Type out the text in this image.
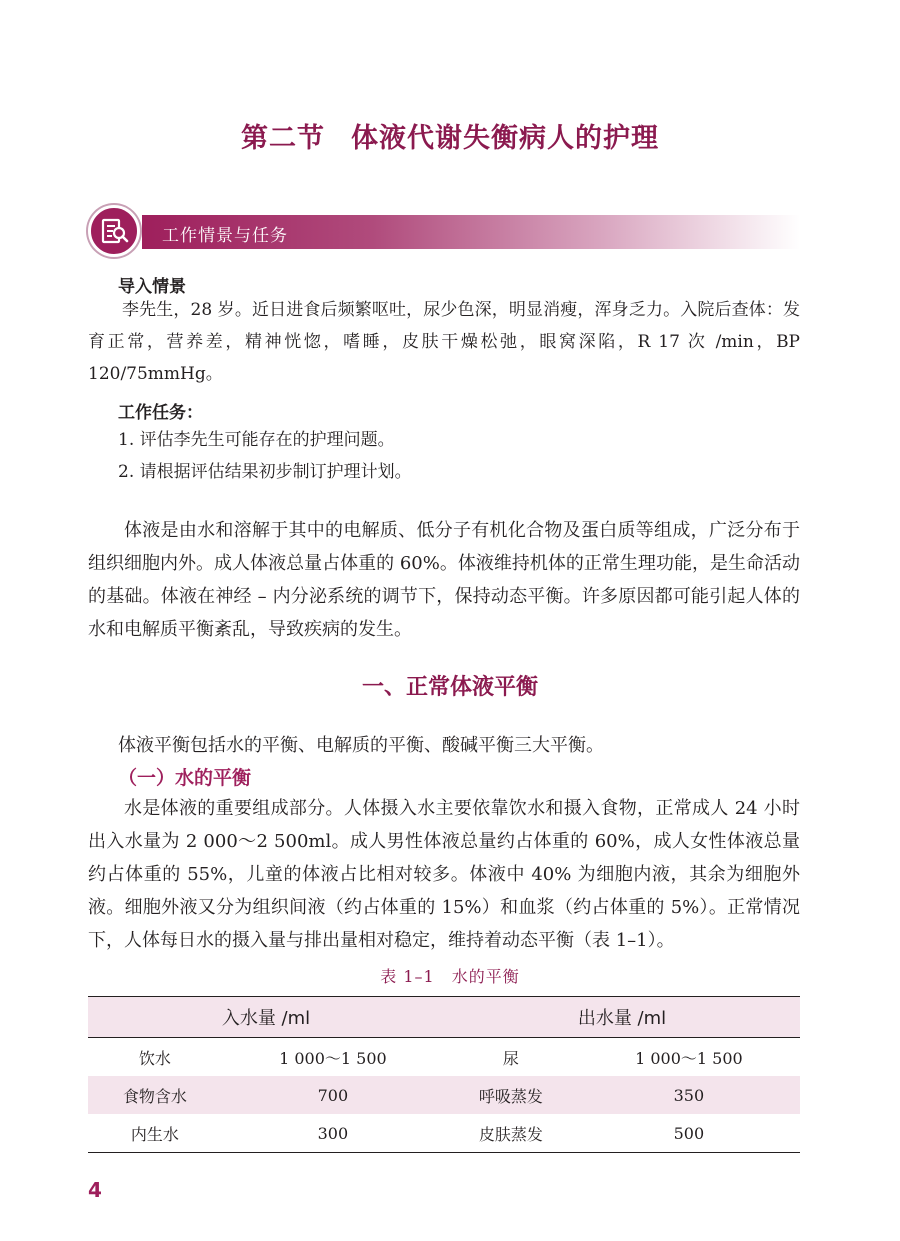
第二节 体液代谢失衡病人的护理
工作情景与任务
导入情景
李先生，28 岁。近日进食后频繁呕吐，尿少色深，明显消瘦，浑身乏力。入院后查体：发育正常，营养差，精神恍惚，嗜睡，皮肤干燥松弛，眼窝深陷，R 17 次 /min，BP 120/75mmHg。
工作任务：
1. 评估李先生可能存在的护理问题。
2. 请根据评估结果初步制订护理计划。
体液是由水和溶解于其中的电解质、低分子有机化合物及蛋白质等组成，广泛分布于组织细胞内外。成人体液总量占体重的 60%。体液维持机体的正常生理功能，是生命活动的基础。体液在神经 – 内分泌系统的调节下，保持动态平衡。许多原因都可能引起人体的水和电解质平衡紊乱，导致疾病的发生。
一、正常体液平衡
体液平衡包括水的平衡、电解质的平衡、酸碱平衡三大平衡。
（一）水的平衡
水是体液的重要组成部分。人体摄入水主要依靠饮水和摄入食物，正常成人 24 小时出入水量为 2 000～2 500ml。成人男性体液总量约占体重的 60%，成人女性体液总量约占体重的 55%，儿童的体液占比相对较多。体液中 40% 为细胞内液，其余为细胞外液。细胞外液又分为组织间液（约占体重的 15%）和血浆（约占体重的 5%）。正常情况下，人体每日水的摄入量与排出量相对稳定，维持着动态平衡（表 1–1）。
表 1–1　水的平衡
入水量 /ml		出水量 /ml	
饮水	1 000～1 500	尿	1 000～1 500
食物含水	700	呼吸蒸发	350
内生水	300	皮肤蒸发	500
4
